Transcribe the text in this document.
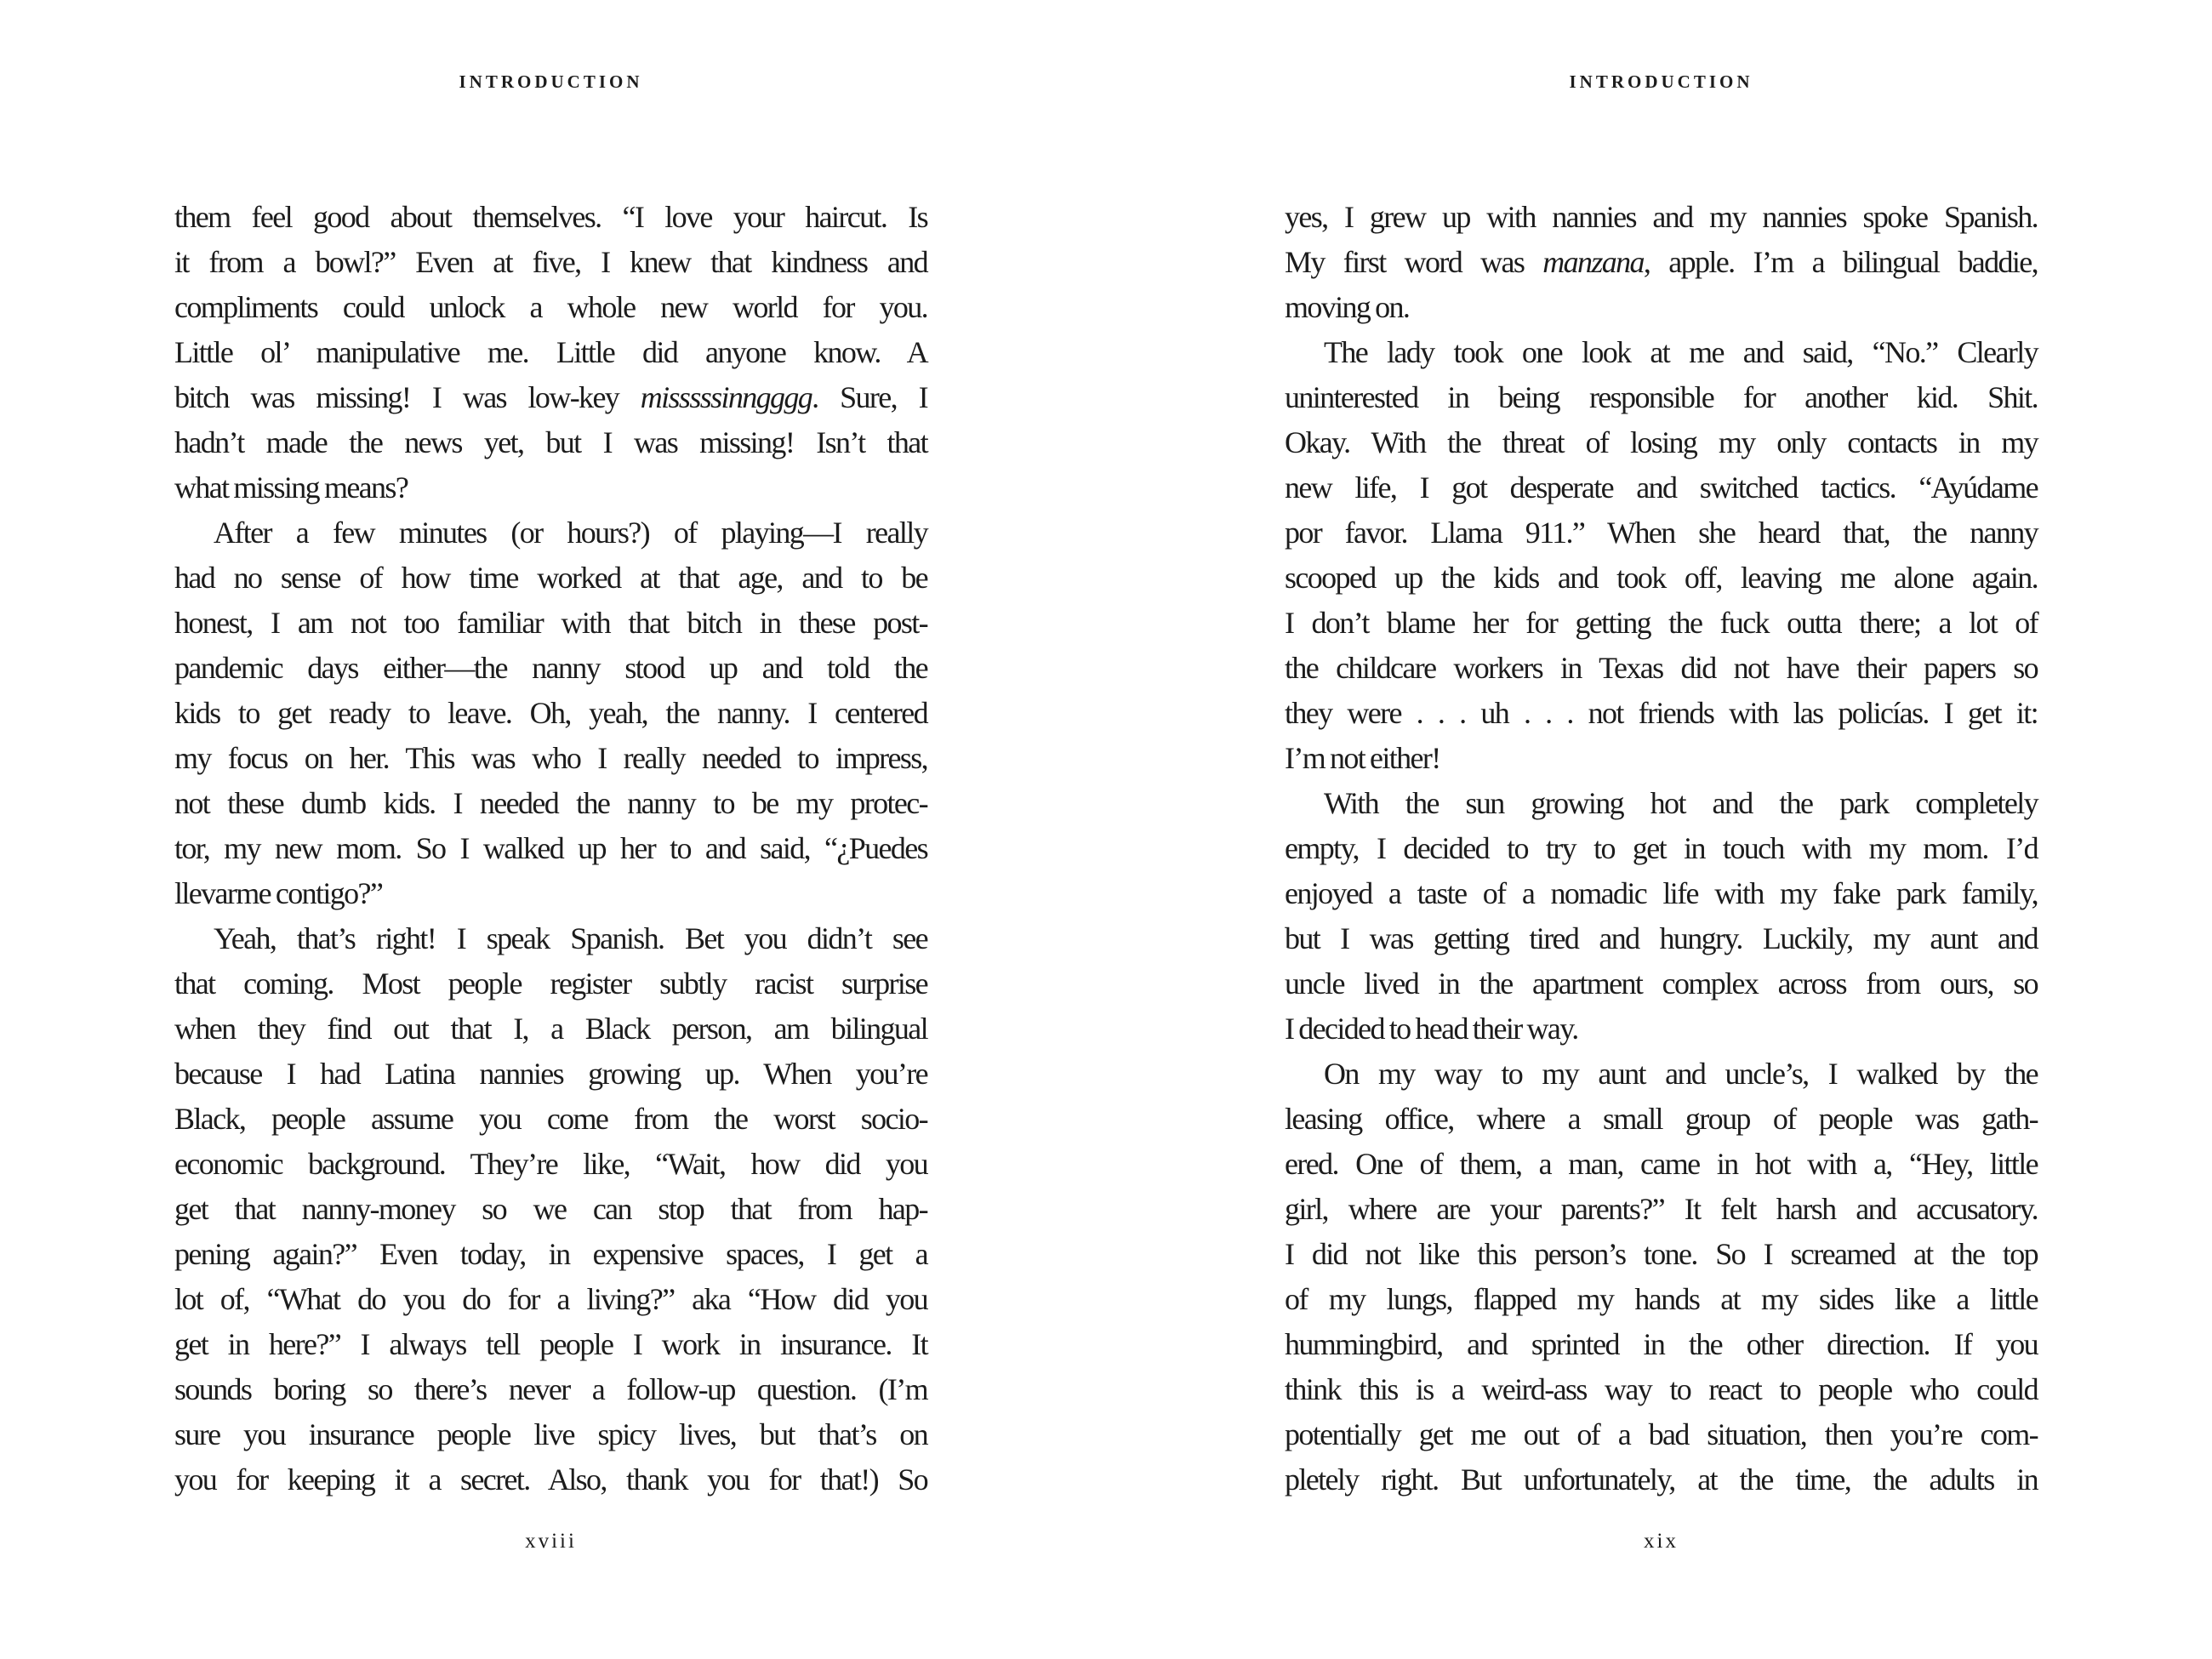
INTRODUCTION
them feel good about themselves. “I love your haircut. Is
it from a bowl?” Even at five, I knew that kindness and
compliments could unlock a whole new world for you.
Little ol’ manipulative me. Little did anyone know. A
bitch was missing! I was low-key misssssinngggg. Sure, I
hadn’t made the news yet, but I was missing! Isn’t that
what missing means?
After a few minutes (or hours?) of playing—I really
had no sense of how time worked at that age, and to be
honest, I am not too familiar with that bitch in these post-
pandemic days either—the nanny stood up and told the
kids to get ready to leave. Oh, yeah, the nanny. I centered
my focus on her. This was who I really needed to impress,
not these dumb kids. I needed the nanny to be my protec-
tor, my new mom. So I walked up her to and said, “¿Puedes
llevarme contigo?”
Yeah, that’s right! I speak Spanish. Bet you didn’t see
that coming. Most people register subtly racist surprise
when they find out that I, a Black person, am bilingual
because I had Latina nannies growing up. When you’re
Black, people assume you come from the worst socio-
economic background. They’re like, “Wait, how did you
get that nanny-money so we can stop that from hap-
pening again?” Even today, in expensive spaces, I get a
lot of, “What do you do for a living?” aka “How did you
get in here?” I always tell people I work in insurance. It
sounds boring so there’s never a follow-up question. (I’m
sure you insurance people live spicy lives, but that’s on
you for keeping it a secret. Also, thank you for that!) So
xviii
INTRODUCTION
yes, I grew up with nannies and my nannies spoke Spanish.
My first word was manzana, apple. I’m a bilingual baddie,
moving on.
The lady took one look at me and said, “No.” Clearly
uninterested in being responsible for another kid. Shit.
Okay. With the threat of losing my only contacts in my
new life, I got desperate and switched tactics. “Ayúdame
por favor. Llama 911.” When she heard that, the nanny
scooped up the kids and took off, leaving me alone again.
I don’t blame her for getting the fuck outta there; a lot of
the childcare workers in Texas did not have their papers so
they were . . . uh . . . not friends with las policías. I get it:
I’m not either!
With the sun growing hot and the park completely
empty, I decided to try to get in touch with my mom. I’d
enjoyed a taste of a nomadic life with my fake park family,
but I was getting tired and hungry. Luckily, my aunt and
uncle lived in the apartment complex across from ours, so
I decided to head their way.
On my way to my aunt and uncle’s, I walked by the
leasing office, where a small group of people was gath-
ered. One of them, a man, came in hot with a, “Hey, little
girl, where are your parents?” It felt harsh and accusatory.
I did not like this person’s tone. So I screamed at the top
of my lungs, flapped my hands at my sides like a little
hummingbird, and sprinted in the other direction. If you
think this is a weird-ass way to react to people who could
potentially get me out of a bad situation, then you’re com-
pletely right. But unfortunately, at the time, the adults in
xix
